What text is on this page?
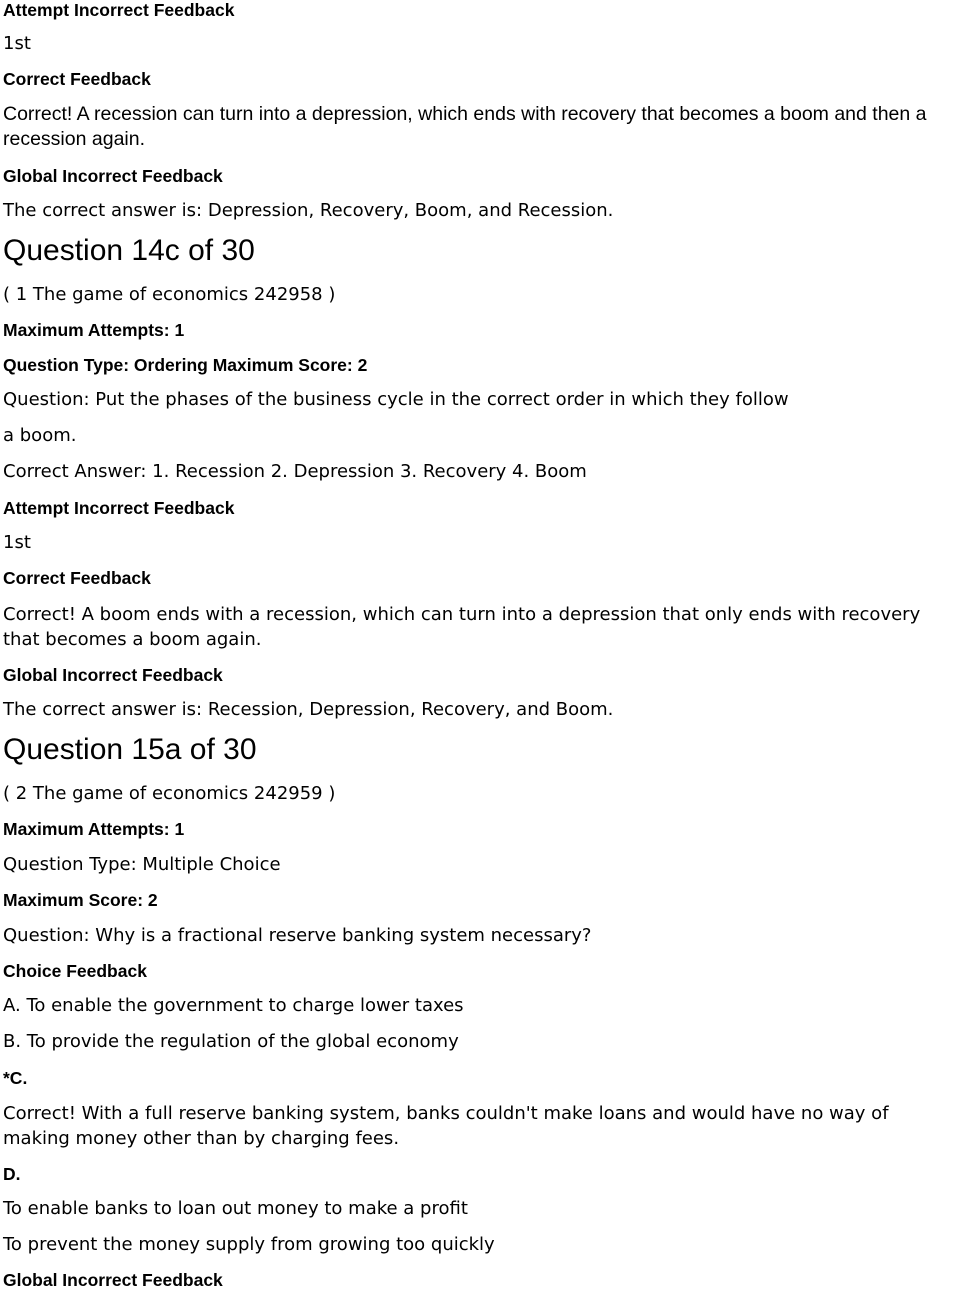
Attempt Incorrect Feedback

1st

Correct Feedback

Correct! A recession can turn into a depression, which ends with recovery that becomes a boom and then a recession again.

Global Incorrect Feedback

The correct answer is: Depression, Recovery, Boom, and Recession.

Question 14c of 30

( 1 The game of economics 242958 )

Maximum Attempts: 1

Question Type: Ordering Maximum Score: 2

Question: Put the phases of the business cycle in the correct order in which they follow

a boom.

Correct Answer: 1. Recession 2. Depression 3. Recovery 4. Boom

Attempt Incorrect Feedback

1st

Correct Feedback

Correct! A boom ends with a recession, which can turn into a depression that only ends with recovery that becomes a boom again.

Global Incorrect Feedback

The correct answer is: Recession, Depression, Recovery, and Boom.

Question 15a of 30

( 2 The game of economics 242959 )

Maximum Attempts: 1

Question Type: Multiple Choice

Maximum Score: 2

Question: Why is a fractional reserve banking system necessary?

Choice Feedback

A. To enable the government to charge lower taxes

B. To provide the regulation of the global economy

*C.

Correct! With a full reserve banking system, banks couldn't make loans and would have no way of making money other than by charging fees.

D.

To enable banks to loan out money to make a profit

To prevent the money supply from growing too quickly

Global Incorrect Feedback
